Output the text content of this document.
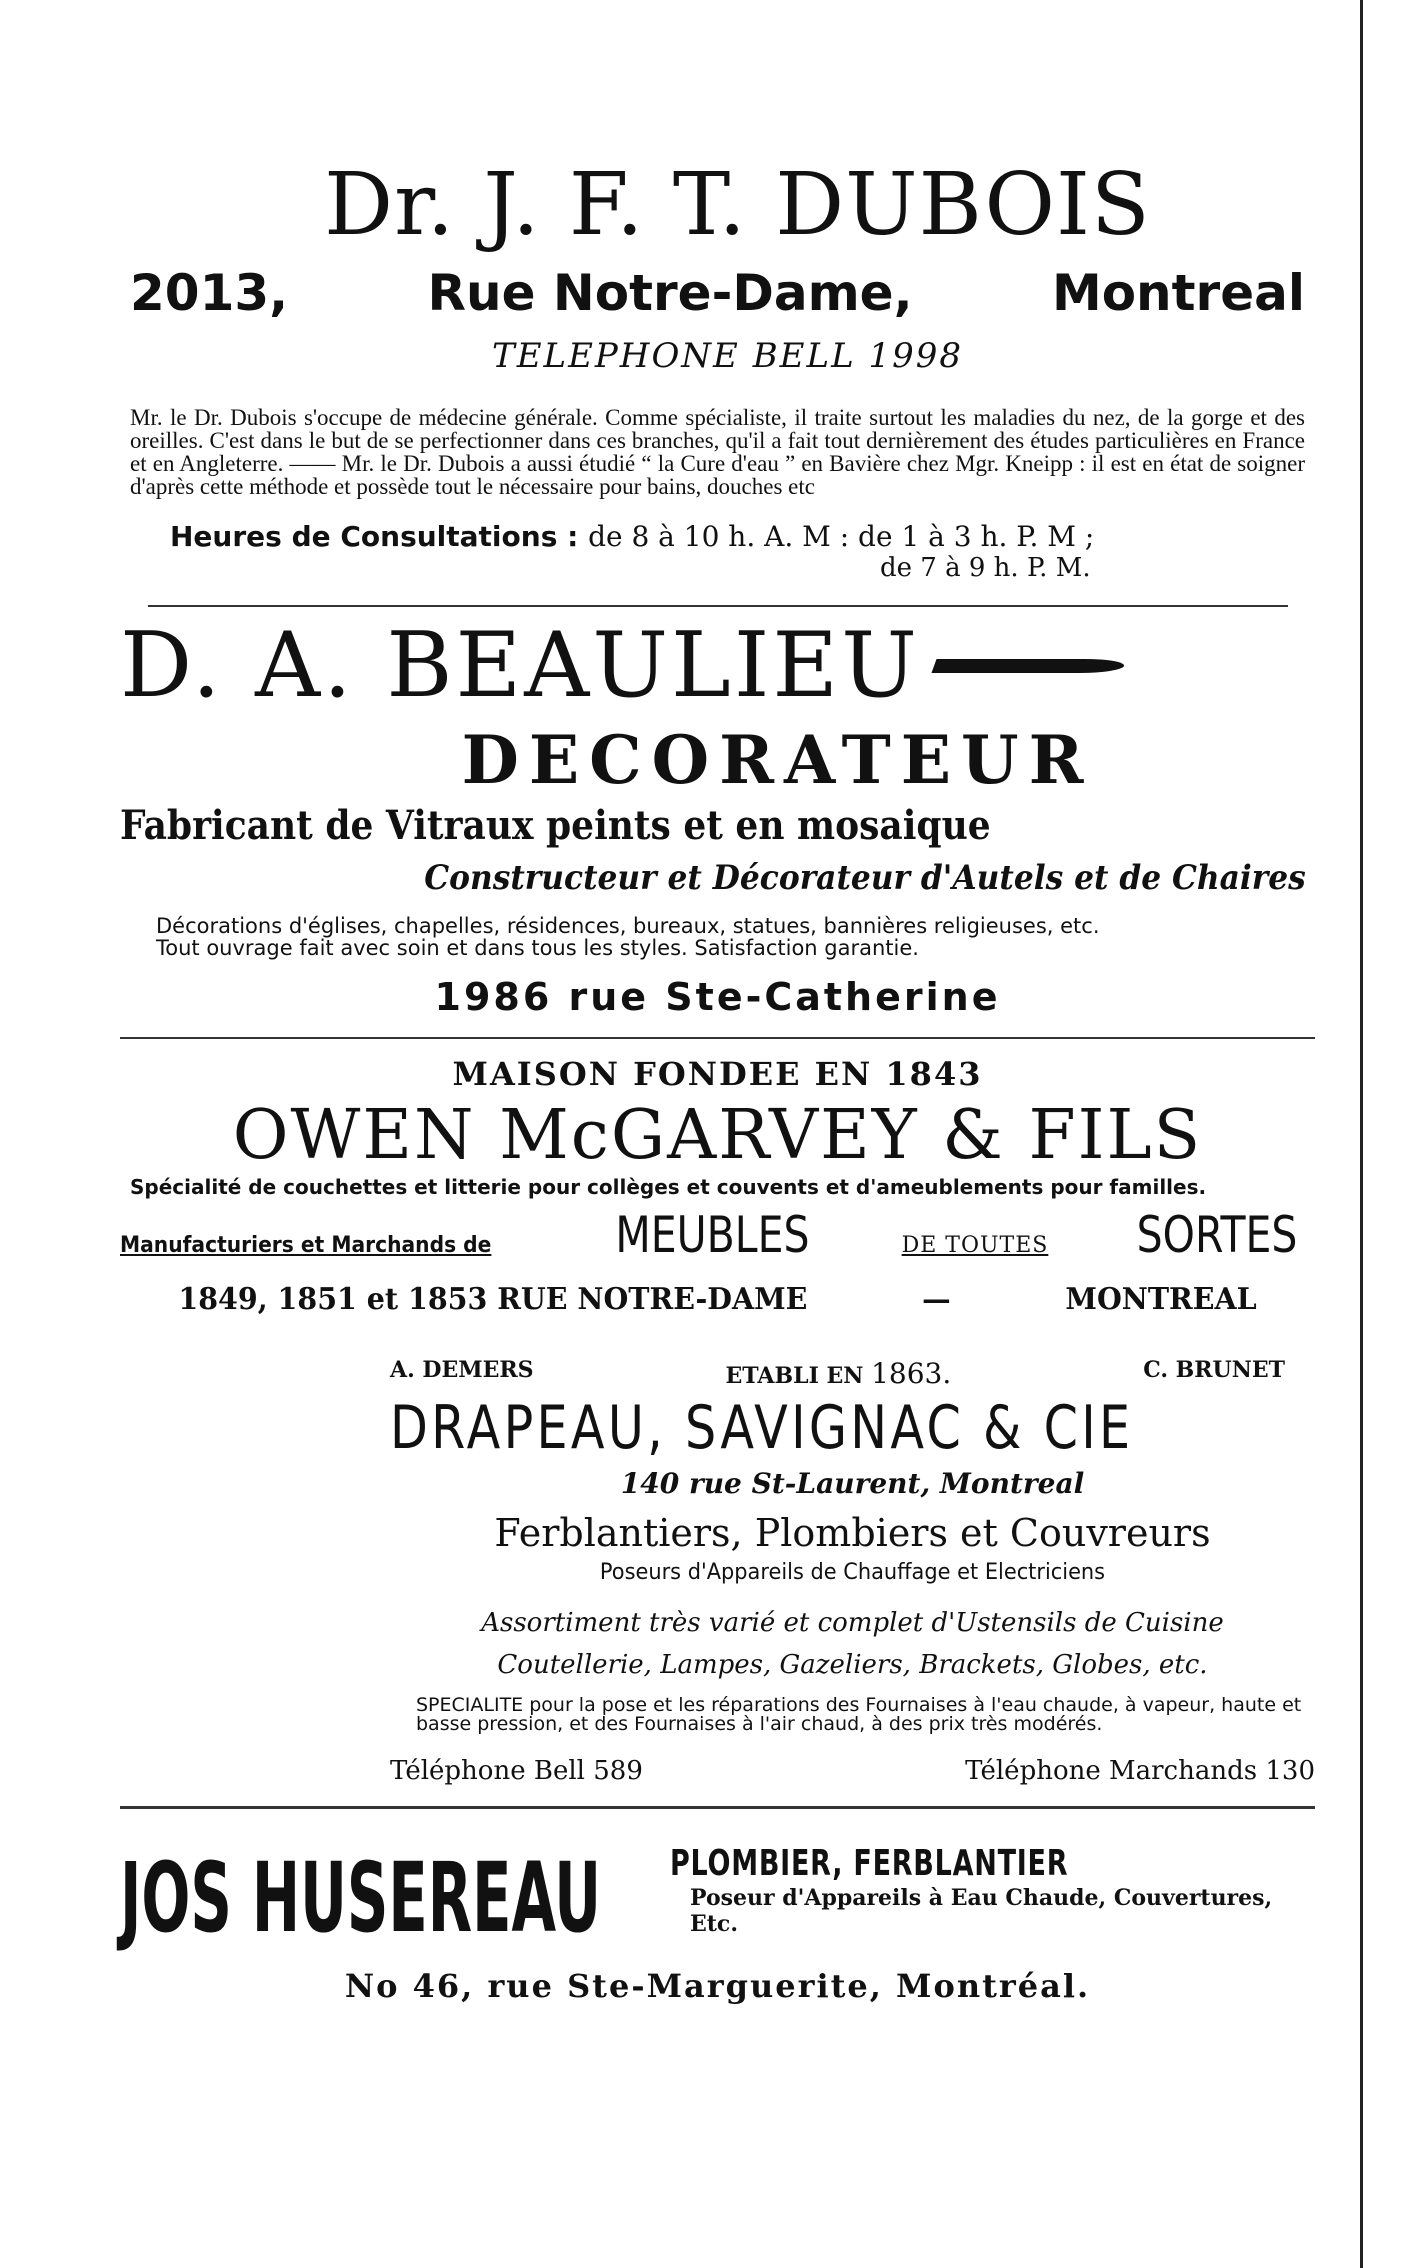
Dr. J. F. T. DUBOIS
2013,	Rue Notre-Dame,	Montreal
TELEPHONE BELL 1998

Mr. le Dr. Dubois s'occupe de médecine générale. Comme spécialiste, il traite surtout les maladies du nez, de la gorge et des oreilles. C'est dans le but de se perfectionner dans ces branches, qu'il a fait tout dernièrement des études particulières en France et en Angleterre. —— Mr. le Dr. Dubois a aussi étudié “ la Cure d'eau ” en Bavière chez Mgr. Kneipp : il est en état de soigner d'après cette méthode et possède tout le nécessaire pour bains, douches etc

Heures de Consultations : de 8 à 10 h. A. M : de 1 à 3 h. P. M ;
de 7 à 9 h. P. M.
D. A. BEAULIEU
DECORATEUR
Fabricant de Vitraux peints et en mosaique
Constructeur et Décorateur d'Autels et de Chaires
Décorations d'églises, chapelles, résidences, bureaux, statues, bannières religieuses, etc.
Tout ouvrage fait avec soin et dans tous les styles. Satisfaction garantie.
1986 rue Ste-Catherine
MAISON FONDEE EN 1843
OWEN McGARVEY & FILS

Spécialité de couchettes et litterie pour collèges et couvents et d'ameublements pour familles.

Manufacturiers et Marchands de MEUBLES	DE TOUTES SORTES
1849, 1851 et 1853 RUE NOTRE-DAME	—	MONTREAL
A. DEMERS	ETABLI EN 1863.	C. BRUNET
DRAPEAU, SAVIGNAC & CIE
140 rue St-Laurent, Montreal
Ferblantiers, Plombiers et Couvreurs
Poseurs d'Appareils de Chauffage et Electriciens
Assortiment très varié et complet d'Ustensils de Cuisine
Coutellerie, Lampes, Gazeliers, Brackets, Globes, etc.

SPECIALITE pour la pose et les réparations des Fournaises à l'eau chaude, à vapeur, haute et basse pression, et des Fournaises à l'air chaud, à des prix très modérés.

Téléphone Bell 589	Téléphone Marchands 130
JOS HUSEREAU PLOMBIER, FERBLANTIER
Poseur d'Appareils à Eau Chaude, Couvertures, Etc.
No 46, rue Ste-Marguerite, Montréal.
